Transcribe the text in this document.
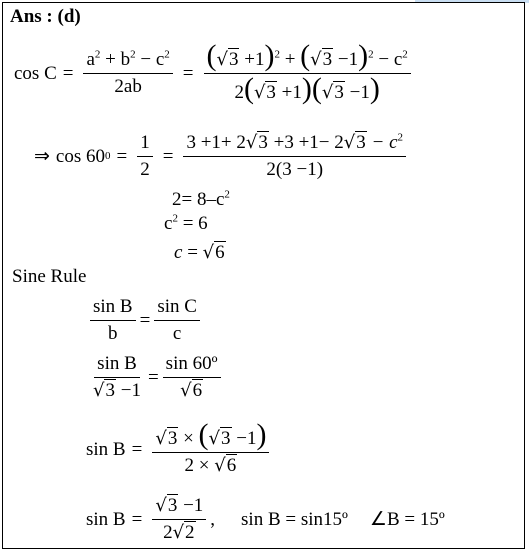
Ans : (d)
$\cos C = \frac{a^2 + b^2 - c^2}{2ab} = \frac{(√3 +1)^2 + (√3 -1)^2 - c^2}{2(√3 +1)(√3 -1)}$
⇒ cos 60 $0 = \frac{1}{2} = \frac{3 +1+ 2√3 +3 +1- 2√3 - c^2}{2(3 -1)}$
$2= 8-c^2$
$c^2 = 6$
c = √6
Sine Rule
$\frac{\text{sin B}}{b} = \frac{\text{sin C}}{c}$
$\frac{\text{sin B}}{√3 -1} = \frac{\text{sin 60º}}{√6}$
$\sin B = \frac{√3 \times (√3 -1)}{2 \times √6}$
$\sin B = \frac{√3 -1}{2√2}$ , sin B = sin15º ∠ B = 15º
